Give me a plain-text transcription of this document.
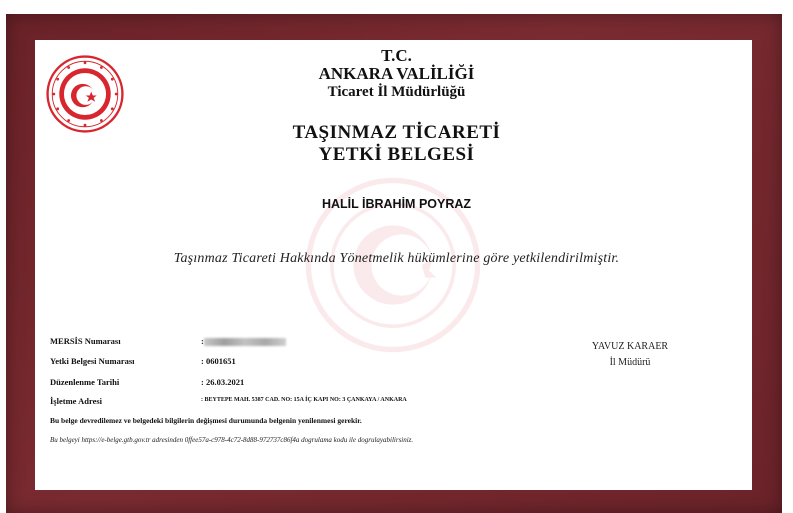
T.C.
ANKARA VALİLİĞİ
Ticaret İl Müdürlüğü
TAŞINMAZ TİCARETİ
YETKİ BELGESİ
HALİL İBRAHİM POYRAZ
Taşınmaz Ticareti Hakkında Yönetmelik hükümlerine göre yetkilendirilmiştir.
MERSİS Numarası	:
Yetki Belgesi Numarası	: 0601651
Düzenlenme Tarihi	: 26.03.2021
İşletme Adresi	: BEYTEPE MAH. 5387 CAD. NO: 15A İÇ KAPI NO: 3 ÇANKAYA / ANKARA
Bu belge devredilemez ve belgedeki bilgilerin değişmesi durumunda belgenin yenilenmesi gerekir.
Bu belgeyi https://e-belge.gtb.gov.tr adresinden 0ffee57a-c978-4c72-8d88-972737c86f4a dogrulama kodu ile dogrulayabilirsiniz.
YAVUZ KARAER
İl Müdürü
